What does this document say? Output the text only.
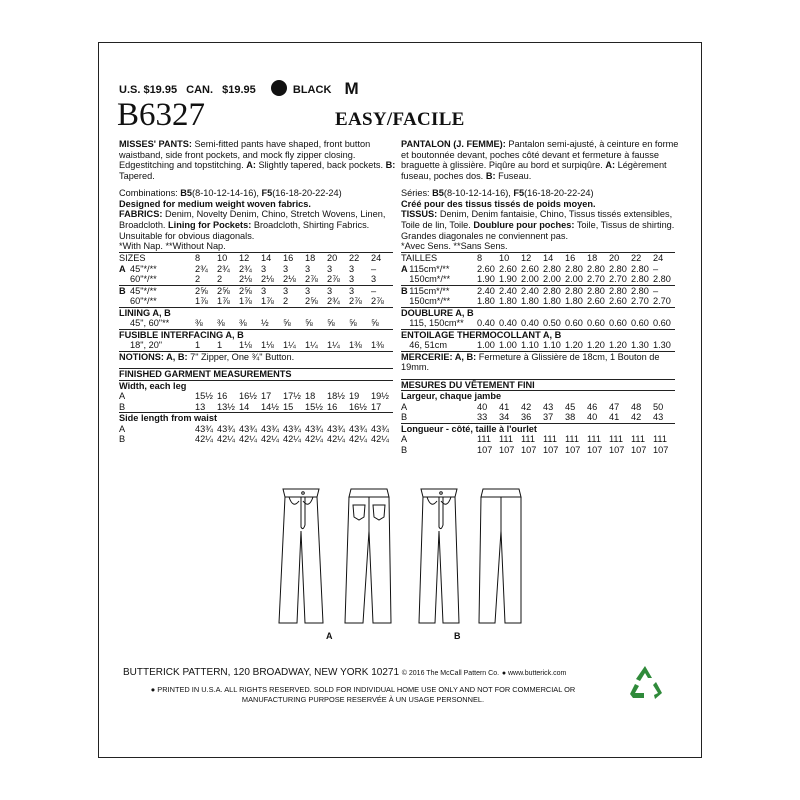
U.S. $19.95 CAN. $19.95	BLACK M
B6327	EASY/FACILE

MISSES' PANTS: Semi-fitted pants have shaped, front button waistband, side front pockets, and mock fly zipper closing. Edgestitching and topstitching. A: Slightly tapered, back pockets. B: Tapered.

Combinations: B5(8-10-12-14-16), F5(16-18-20-22-24)

Designed for medium weight woven fabrics.

FABRICS: Denim, Novelty Denim, Chino, Stretch Wovens, Linen, Broadcloth. Lining for Pockets: Broadcloth, Shirting Fabrics.

Unsuitable for obvious diagonals.

*With Nap. **Without Nap.

SIZES		8	10	12	14	16	18	20	22	24
A	45"*/**	2¾	2¾	2¾	3	3	3	3	3	–
	60"*/**	2	2	2⅛	2⅛	2⅛	2⅞	2⅞	3	3
B	45"*/**	2⅝	2⅝	2⅝	3	3	3	3	3	–
	60"*/**	1⅞	1⅞	1⅞	1⅞	2	2⅝	2¾	2⅞	2⅞
LINING A, B										
	45", 60"**	⅜	⅜	⅜	½	⅝	⅝	⅝	⅝	⅝
FUSIBLE INTERFACING A, B										
	18", 20"	1	1	1⅛	1⅛	1¼	1¼	1¼	1⅜	1⅜
NOTIONS: A, B: 7" Zipper, One ¾" Button.										

FINISHED GARMENT MEASUREMENTS										
Width, each leg										
A		15½	16	16½	17	17½	18	18½	19	19½
B		13	13½	14	14½	15	15½	16	16½	17
Side length from waist										
A		43¾	43¾	43¾	43¾	43¾	43¾	43¾	43¾	43¾
B		42¼	42¼	42¼	42¼	42¼	42¼	42¼	42¼	42¼

PANTALON (J. FEMME): Pantalon semi-ajusté, à ceinture en forme et boutonnée devant, poches côté devant et fermeture à fausse braguette à glissière. Piqûre au bord et surpiqûre. A: Légèrement fuseau, poches dos. B: Fuseau.

Séries: B5(8-10-12-14-16), F5(16-18-20-22-24)

Créé pour des tissus tissés de poids moyen.

TISSUS: Denim, Denim fantaisie, Chino, Tissus tissés extensibles, Toile de lin, Toile. Doublure pour poches: Toile, Tissus de shirting.

Grandes diagonales ne conviennent pas.

*Avec Sens. **Sans Sens.

TAILLES		8	10	12	14	16	18	20	22	24
A	115cm*/**	2.60	2.60	2.60	2.80	2.80	2.80	2.80	2.80	–
	150cm*/**	1.90	1.90	2.00	2.00	2.00	2.70	2.70	2.80	2.80
B	115cm*/**	2.40	2.40	2.40	2.80	2.80	2.80	2.80	2.80	–
	150cm*/**	1.80	1.80	1.80	1.80	1.80	2.60	2.60	2.70	2.70
DOUBLURE A, B										
	115, 150cm**	0.40	0.40	0.40	0.50	0.60	0.60	0.60	0.60	0.60
ENTOILAGE THERMOCOLLANT A, B										
	46, 51cm	1.00	1.00	1.10	1.10	1.20	1.20	1.20	1.30	1.30
MERCERIE: A, B: Fermeture à Glissière de 18cm, 1 Bouton de 19mm.										

MESURES DU VÊTEMENT FINI										
Largeur, chaque jambe										
A		40	41	42	43	45	46	47	48	50
B		33	34	36	37	38	40	41	42	43
Longueur - côté, taille à l'ourlet										
A		111	111	111	111	111	111	111	111	111
B		107	107	107	107	107	107	107	107	107
A	B
BUTTERICK PATTERN, 120 BROADWAY, NEW YORK 10271 © 2016 The McCall Pattern Co. ● www.butterick.com
● PRINTED IN U.S.A. ALL RIGHTS RESERVED. SOLD FOR INDIVIDUAL HOME USE ONLY AND NOT FOR COMMERCIAL OR MANUFACTURING PURPOSE RESERVÉE À UN USAGE PERSONNEL.
